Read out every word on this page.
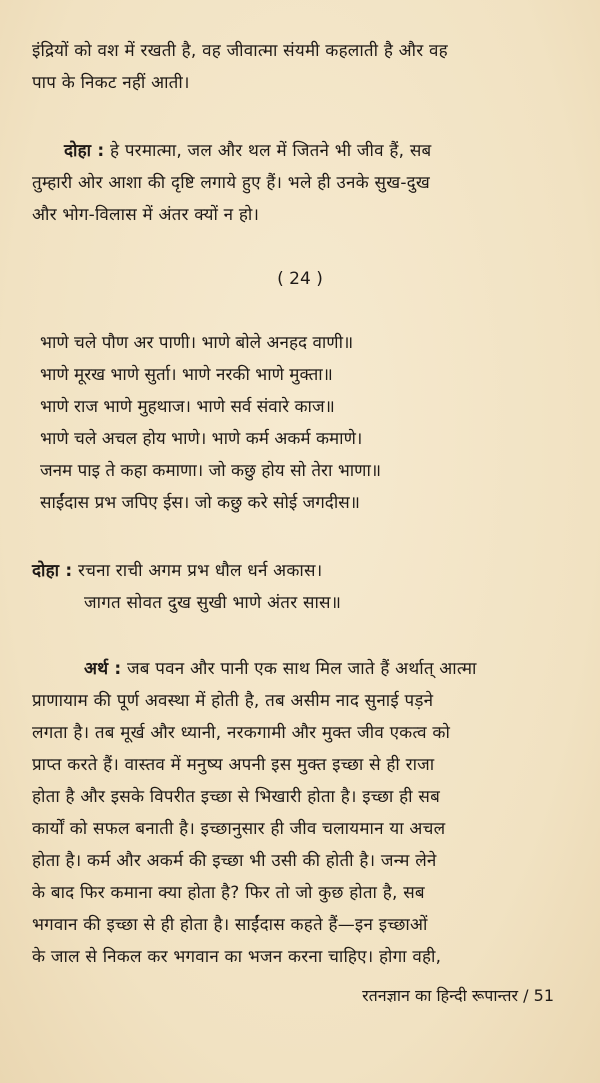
इंद्रियों को वश में रखती है, वह जीवात्मा संयमी कहलाती है और वह
पाप के निकट नहीं आती।
दोहा : हे परमात्मा, जल और थल में जितने भी जीव हैं, सब
तुम्हारी ओर आशा की दृष्टि लगाये हुए हैं। भले ही उनके सुख-दुख
और भोग-विलास में अंतर क्यों न हो।
( 24 )
भाणे चले पौण अर पाणी। भाणे बोले अनहद वाणी॥
भाणे मूरख भाणे सुर्ता। भाणे नरकी भाणे मुक्ता॥
भाणे राज भाणे मुहथाज। भाणे सर्व संवारे काज॥
भाणे चले अचल होय भाणे। भाणे कर्म अकर्म कमाणे।
जनम पाइ ते कहा कमाणा। जो कछु होय सो तेरा भाणा॥
साईंदास प्रभ जपिए ईस। जो कछु करे सोई जगदीस॥
दोहा : रचना राची अगम प्रभ धौल धर्न अकास।
जागत सोवत दुख सुखी भाणे अंतर सास॥
अर्थ : जब पवन और पानी एक साथ मिल जाते हैं अर्थात् आत्मा
प्राणायाम की पूर्ण अवस्था में होती है, तब असीम नाद सुनाई पड़ने
लगता है। तब मूर्ख और ध्यानी, नरकगामी और मुक्त जीव एकत्व को
प्राप्त करते हैं। वास्तव में मनुष्य अपनी इस मुक्त इच्छा से ही राजा
होता है और इसके विपरीत इच्छा से भिखारी होता है। इच्छा ही सब
कार्यों को सफल बनाती है। इच्छानुसार ही जीव चलायमान या अचल
होता है। कर्म और अकर्म की इच्छा भी उसी की होती है। जन्म लेने
के बाद फिर कमाना क्या होता है? फिर तो जो कुछ होता है, सब
भगवान की इच्छा से ही होता है। साईंदास कहते हैं—इन इच्छाओं
के जाल से निकल कर भगवान का भजन करना चाहिए। होगा वही,
रतनज्ञान का हिन्दी रूपान्तर / 51
